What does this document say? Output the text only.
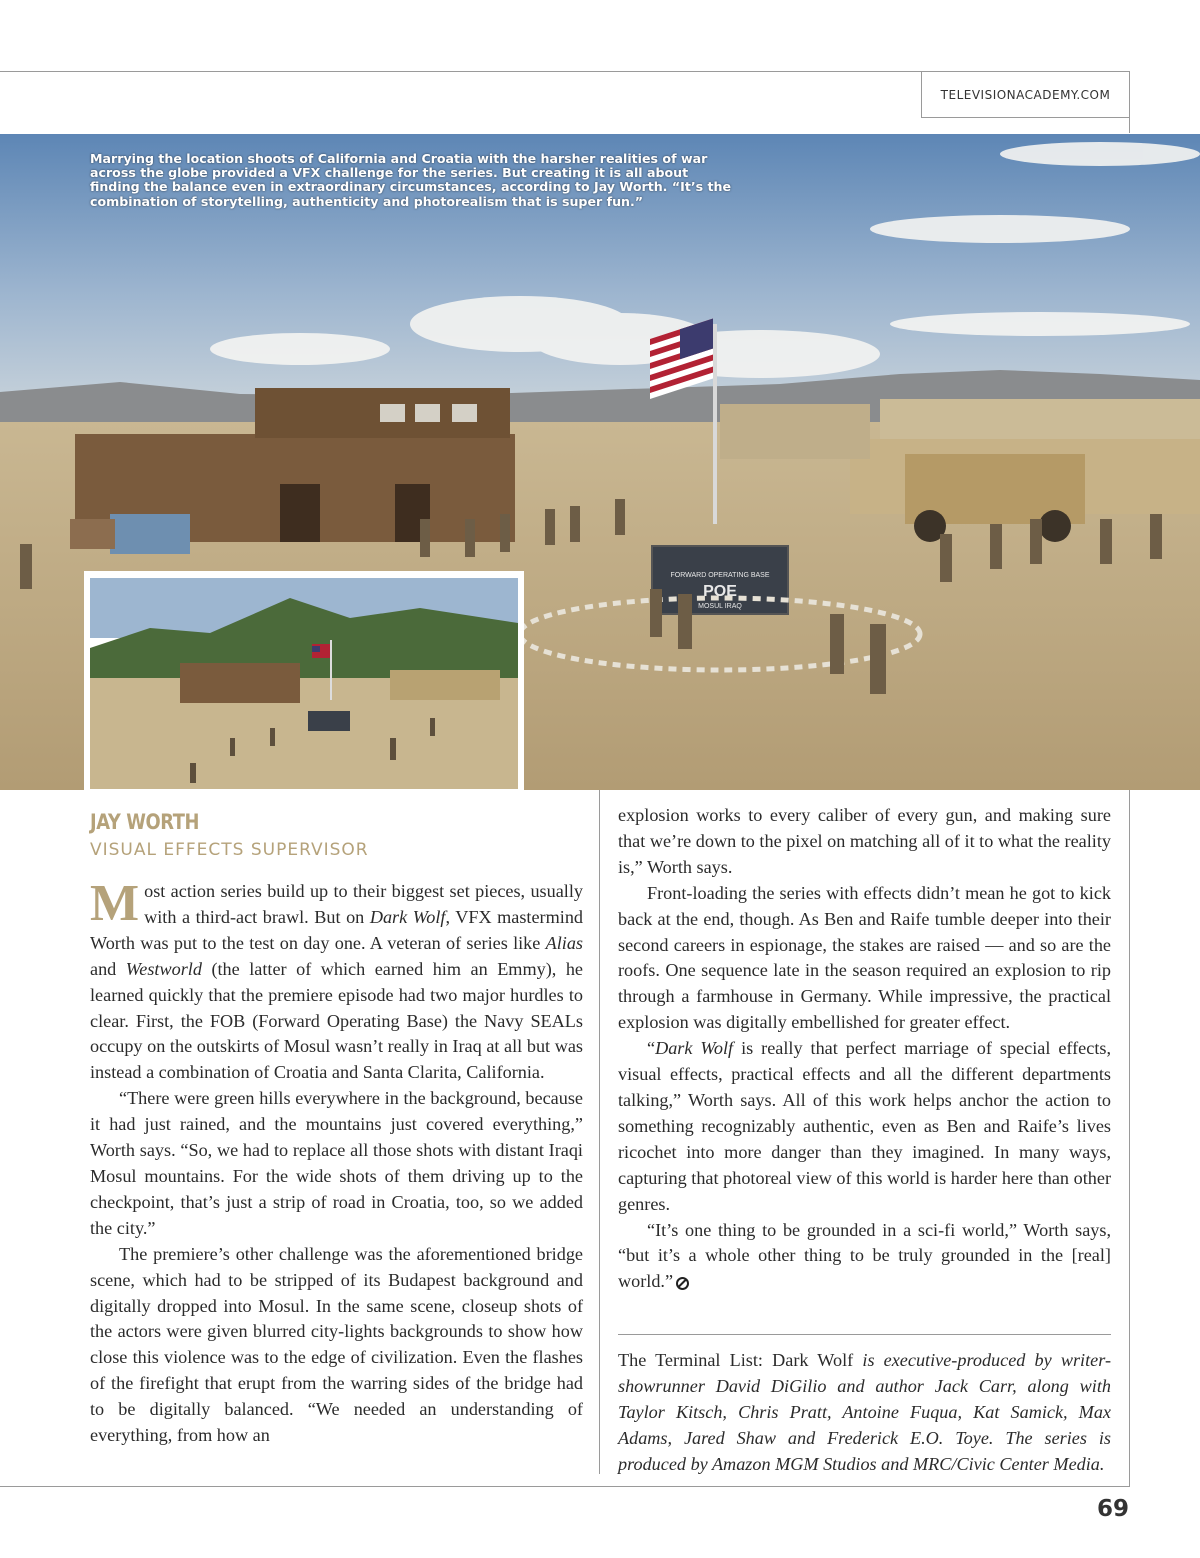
TELEVISIONACADEMY.COM
FORWARD OPERATING BASE
POE
MOSUL IRAQ
Marrying the location shoots of California and Croatia with the harsher realities of war across the globe provided a VFX challenge for the series. But creating it is all about finding the balance even in extraordinary circumstances, according to Jay Worth. “It’s the combination of storytelling, authenticity and photorealism that is super fun.”
JAY WORTH
VISUAL EFFECTS SUPERVISOR

Most action series build up to their biggest set pieces, usually with a third-act brawl. But on Dark Wolf, VFX mastermind Worth was put to the test on day one. A veteran of series like Alias and Westworld (the latter of which earned him an Emmy), he learned quickly that the premiere episode had two major hurdles to clear. First, the FOB (Forward Operating Base) the Navy SEALs occupy on the outskirts of Mosul wasn’t really in Iraq at all but was instead a combination of Croatia and Santa Clarita, California.

“There were green hills everywhere in the background, because it had just rained, and the mountains just covered everything,” Worth says. “So, we had to replace all those shots with distant Iraqi Mosul mountains. For the wide shots of them driving up to the checkpoint, that’s just a strip of road in Croatia, too, so we added the city.”

The premiere’s other challenge was the aforementioned bridge scene, which had to be stripped of its Budapest background and digitally dropped into Mosul. In the same scene, closeup shots of the actors were given blurred city-lights backgrounds to show how close this violence was to the edge of civilization. Even the flashes of the firefight that erupt from the warring sides of the bridge had to be digitally balanced. “We needed an understanding of everything, from how an

explosion works to every caliber of every gun, and making sure that we’re down to the pixel on matching all of it to what the reality is,” Worth says.

Front-loading the series with effects didn’t mean he got to kick back at the end, though. As Ben and Raife tumble deeper into their second careers in espionage, the stakes are raised — and so are the roofs. One sequence late in the season required an explosion to rip through a farmhouse in Germany. While impressive, the practical explosion was digitally embellished for greater effect.

“Dark Wolf is really that perfect marriage of special effects, visual effects, practical effects and all the different departments talking,” Worth says. All of this work helps anchor the action to something recognizably authentic, even as Ben and Raife’s lives ricochet into more danger than they imagined. In many ways, capturing that photoreal view of this world is harder here than other genres.

“It’s one thing to be grounded in a sci-fi world,” Worth says, “but it’s a whole other thing to be truly grounded in the [real] world.”

The Terminal List: Dark Wolf is executive-produced by writer-showrunner David DiGilio and author Jack Carr, along with Taylor Kitsch, Chris Pratt, Antoine Fuqua, Kat Samick, Max Adams, Jared Shaw and Frederick E.O. Toye. The series is produced by Amazon MGM Studios and MRC/Civic Center Media.
69
